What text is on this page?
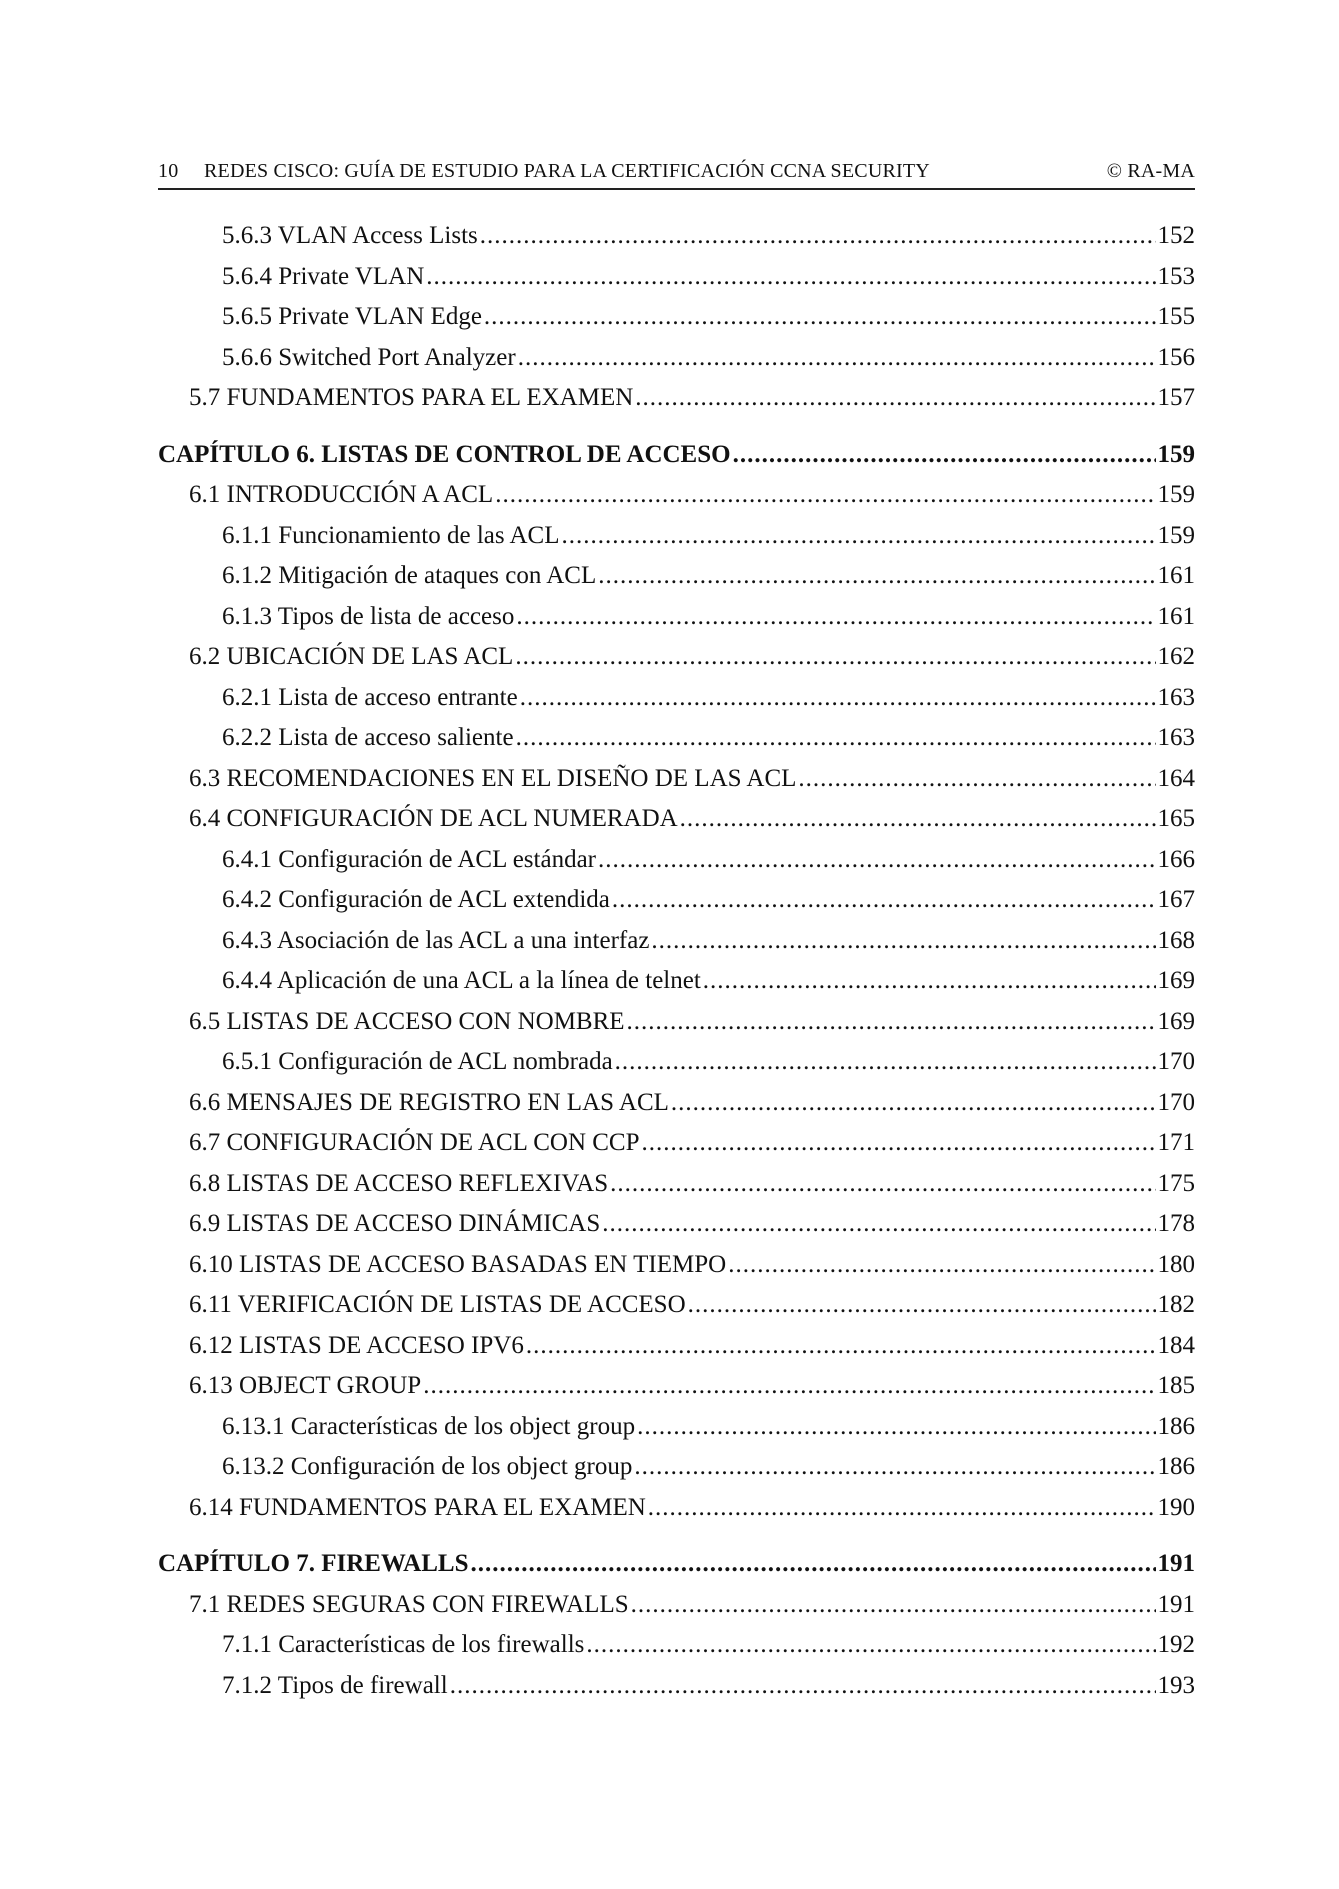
10 REDES CISCO: GUÍA DE ESTUDIO PARA LA CERTIFICACIÓN CCNA SECURITY	© RA-MA
5.6.3 VLAN Access Lists .....	152
5.6.4 Private VLAN .....	153
5.6.5 Private VLAN Edge .....	155
5.6.6 Switched Port Analyzer .....	156
5.7 FUNDAMENTOS PARA EL EXAMEN .....	157
CAPÍTULO 6. LISTAS DE CONTROL DE ACCESO .....	159
6.1 INTRODUCCIÓN A ACL .....	159
6.1.1 Funcionamiento de las ACL .....	159
6.1.2 Mitigación de ataques con ACL .....	161
6.1.3 Tipos de lista de acceso .....	161
6.2 UBICACIÓN DE LAS ACL .....	162
6.2.1 Lista de acceso entrante .....	163
6.2.2 Lista de acceso saliente .....	163
6.3 RECOMENDACIONES EN EL DISEÑO DE LAS ACL .....	164
6.4 CONFIGURACIÓN DE ACL NUMERADA .....	165
6.4.1 Configuración de ACL estándar .....	166
6.4.2 Configuración de ACL extendida .....	167
6.4.3 Asociación de las ACL a una interfaz .....	168
6.4.4 Aplicación de una ACL a la línea de telnet .....	169
6.5 LISTAS DE ACCESO CON NOMBRE .....	169
6.5.1 Configuración de ACL nombrada .....	170
6.6 MENSAJES DE REGISTRO EN LAS ACL .....	170
6.7 CONFIGURACIÓN DE ACL CON CCP .....	171
6.8 LISTAS DE ACCESO REFLEXIVAS .....	175
6.9 LISTAS DE ACCESO DINÁMICAS .....	178
6.10 LISTAS DE ACCESO BASADAS EN TIEMPO .....	180
6.11 VERIFICACIÓN DE LISTAS DE ACCESO .....	182
6.12 LISTAS DE ACCESO IPV6 .....	184
6.13 OBJECT GROUP .....	185
6.13.1 Características de los object group .....	186
6.13.2 Configuración de los object group .....	186
6.14 FUNDAMENTOS PARA EL EXAMEN .....	190
CAPÍTULO 7. FIREWALLS .....	191
7.1 REDES SEGURAS CON FIREWALLS .....	191
7.1.1 Características de los firewalls .....	192
7.1.2 Tipos de firewall .....	193
